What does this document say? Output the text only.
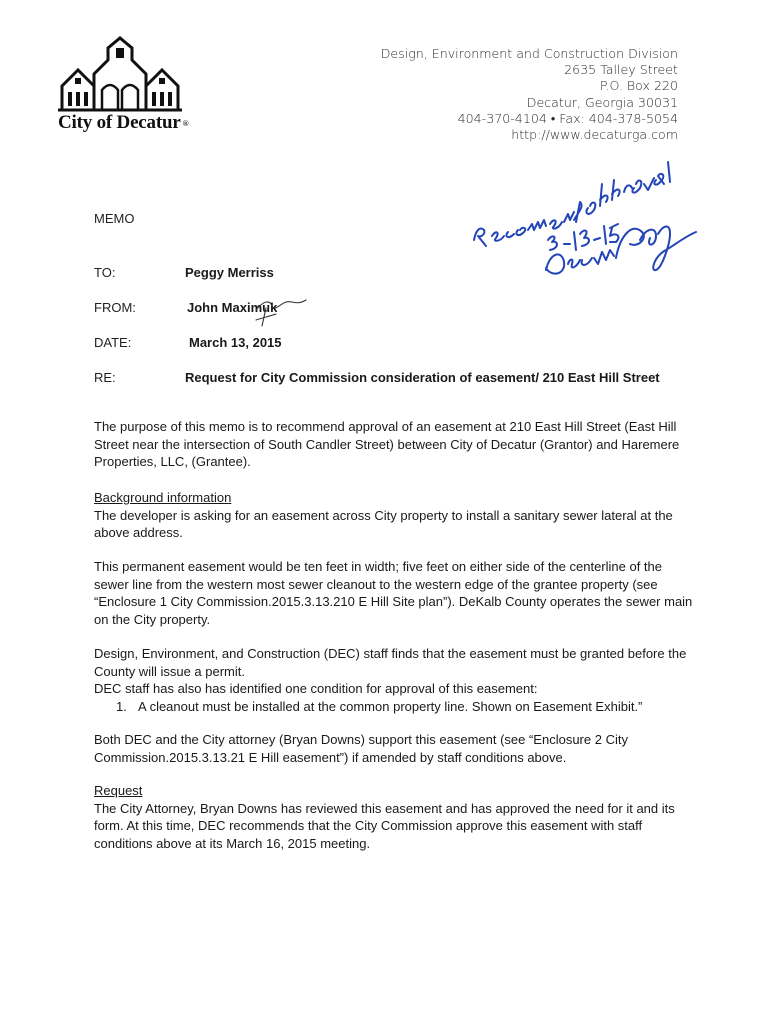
City of Decatur ®
Design, Environment and Construction Division
2635 Talley Street
P.O. Box 220
Decatur, Georgia 30031
404-370-4104 • Fax: 404-378-5054
http://www.decaturga.com
MEMO
TO:	Peggy Merriss
FROM:	John Maximuk
DATE:	March 13, 2015
RE:	Request for City Commission consideration of easement/ 210 East Hill Street

The purpose of this memo is to recommend approval of an easement at 210 East Hill Street (East Hill

Street near the intersection of South Candler Street) between City of Decatur (Grantor) and Haremere

Properties, LLC, (Grantee).

Background information

The developer is asking for an easement across City property to install a sanitary sewer lateral at the

above address.

This permanent easement would be ten feet in width; five feet on either side of the centerline of the

sewer line from the western most sewer cleanout to the western edge of the grantee property (see

“Enclosure 1 City Commission.2015.3.13.210 E Hill Site plan”). DeKalb County operates the sewer main

on the City property.

Design, Environment, and Construction (DEC) staff finds that the easement must be granted before the

County will issue a permit.

DEC staff has also has identified one condition for approval of this easement:

1. A cleanout must be installed at the common property line. Shown on Easement Exhibit.”

Both DEC and the City attorney (Bryan Downs) support this easement (see “Enclosure 2 City

Commission.2015.3.13.21 E Hill easement”) if amended by staff conditions above.

Request

The City Attorney, Bryan Downs has reviewed this easement and has approved the need for it and its

form. At this time, DEC recommends that the City Commission approve this easement with staff

conditions above at its March 16, 2015 meeting.
